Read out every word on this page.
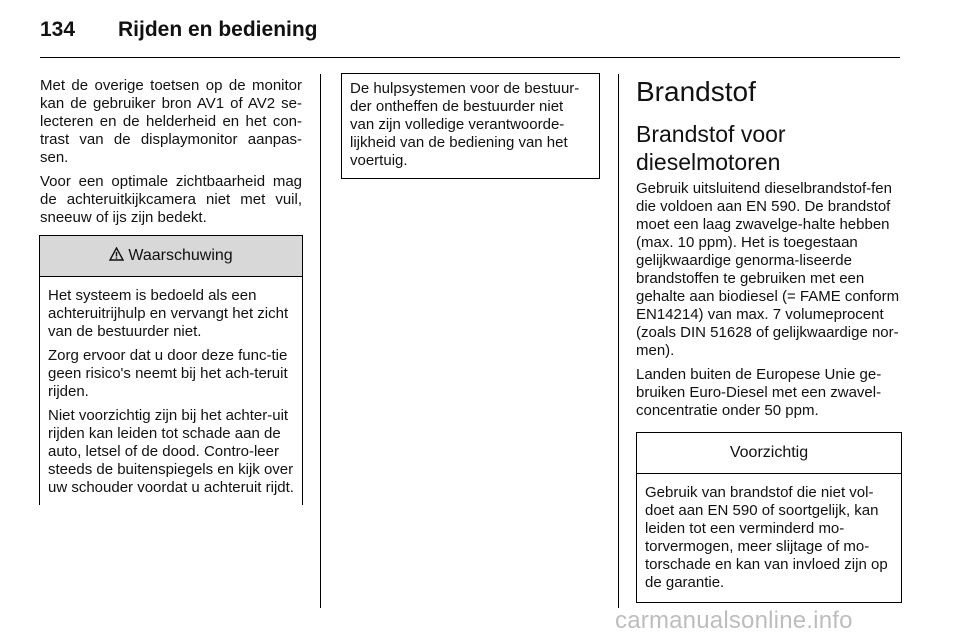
134 Rijden en bediening

Met de overige toetsen op de monitor kan de gebruiker bron AV1 of AV2 se-lecteren en de helderheid en het con-trast van de displaymonitor aanpas-sen.

Voor een optimale zichtbaarheid mag de achteruitkijkcamera niet met vuil, sneeuw of ijs zijn bedekt.

Waarschuwing

Het systeem is bedoeld als een achteruitrijhulp en vervangt het zicht van de bestuurder niet.

Zorg ervoor dat u door deze func-tie geen risico's neemt bij het ach-teruit rijden.

Niet voorzichtig zijn bij het achter-uit rijden kan leiden tot schade aan de auto, letsel of de dood. Contro-leer steeds de buitenspiegels en kijk over uw schouder voordat u achteruit rijdt.

De hulpsystemen voor de bestuur-der ontheffen de bestuurder niet van zijn volledige verantwoorde-lijkheid van de bediening van het voertuig.

Brandstof
Brandstof voor dieselmotoren

Gebruik uitsluitend dieselbrandstof-fen die voldoen aan EN 590. De brandstof moet een laag zwavelge-halte hebben (max. 10 ppm). Het is toegestaan gelijkwaardige genorma-liseerde brandstoffen te gebruiken met een gehalte aan biodiesel (= FAME conform EN14214) van max. 7 volumeprocent (zoals DIN 51628 of gelijkwaardige nor-men).

Landen buiten de Europese Unie ge-bruiken Euro-Diesel met een zwavel-concentratie onder 50 ppm.

Voorzichtig

Gebruik van brandstof die niet vol-doet aan EN 590 of soortgelijk, kan leiden tot een verminderd mo-torvermogen, meer slijtage of mo-torschade en kan van invloed zijn op de garantie.

carmanualsonline.info
